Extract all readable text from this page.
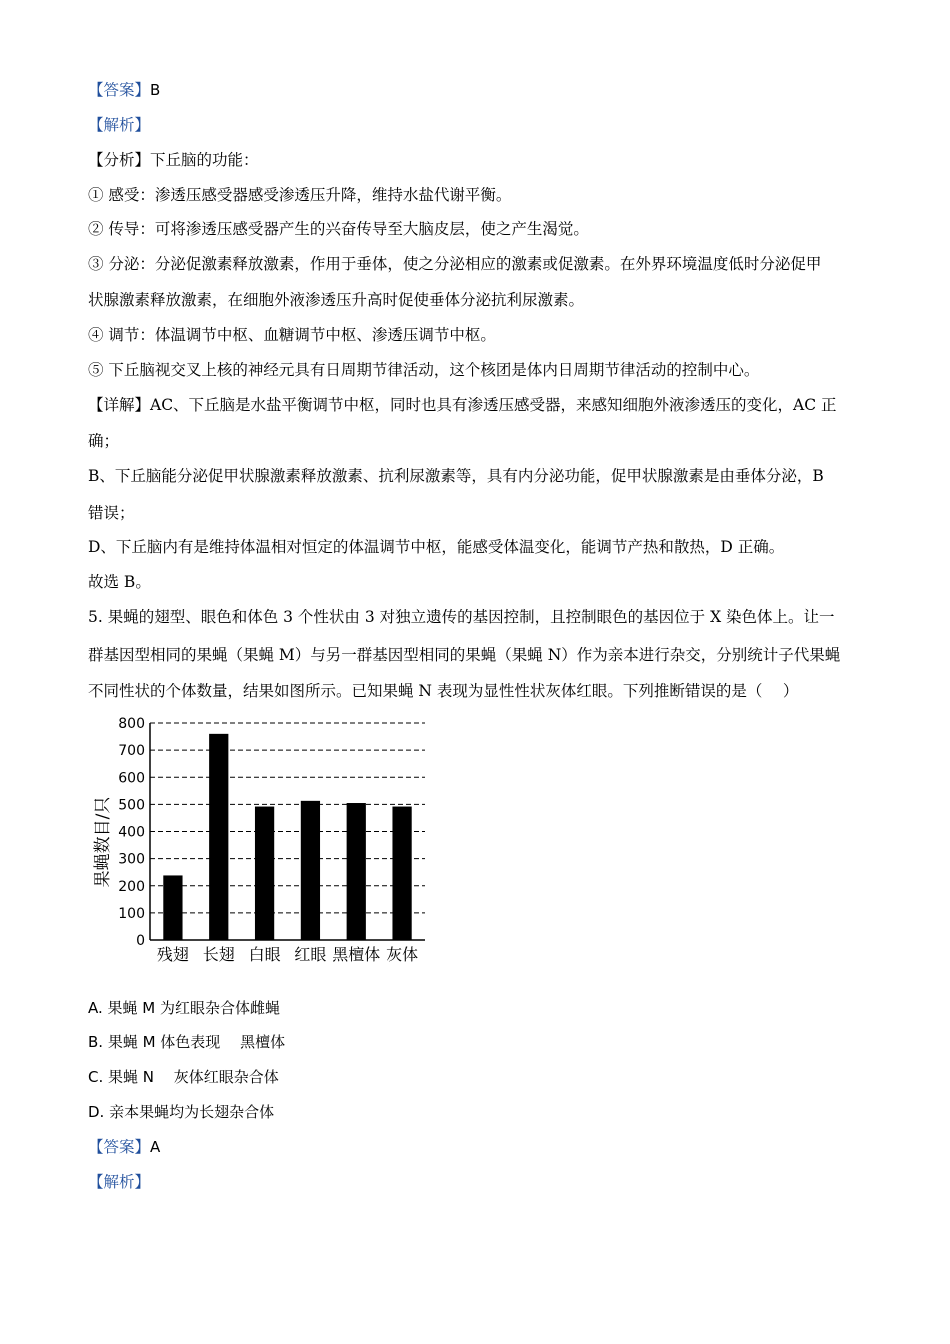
【答案】B
【解析】
【分析】下丘脑的功能：
① 感受：渗透压感受器感受渗透压升降，维持水盐代谢平衡。
② 传导：可将渗透压感受器产生的兴奋传导至大脑皮层，使之产生渴觉。
③ 分泌：分泌促激素释放激素，作用于垂体，使之分泌相应的激素或促激素。在外界环境温度低时分泌促甲
状腺激素释放激素，在细胞外液渗透压升高时促使垂体分泌抗利尿激素。
④ 调节：体温调节中枢、血糖调节中枢、渗透压调节中枢。
⑤ 下丘脑视交叉上核的神经元具有日周期节律活动，这个核团是体内日周期节律活动的控制中心。
【详解】AC、下丘脑是水盐平衡调节中枢，同时也具有渗透压感受器，来感知细胞外液渗透压的变化，AC 正
确；
B、下丘脑能分泌促甲状腺激素释放激素、抗利尿激素等，具有内分泌功能，促甲状腺激素是由垂体分泌，B
错误；
D、下丘脑内有是维持体温相对恒定的体温调节中枢，能感受体温变化，能调节产热和散热，D 正确。
故选 B。
5. 果蝇的翅型、眼色和体色 3 个性状由 3 对独立遗传的基因控制，且控制眼色的基因位于 X 染色体上。让一
群基因型相同的果蝇（果蝇 M）与另一群基因型相同的果蝇（果蝇 N）作为亲本进行杂交，分别统计子代果蝇
不同性状的个体数量，结果如图所示。已知果蝇 N 表现为显性性状灰体红眼。下列推断错误的是（　 ）
0
100
200
300
400
500
600
700
800
残翅 长翅 白眼 红眼 黑檀体 灰体
果蝇数目/只
A. 果蝇 M 为红眼杂合体雌蝇
B. 果蝇 M 体色表现　 黑檀体
C. 果蝇 N　 灰体红眼杂合体
D. 亲本果蝇均为长翅杂合体
【答案】A
【解析】
